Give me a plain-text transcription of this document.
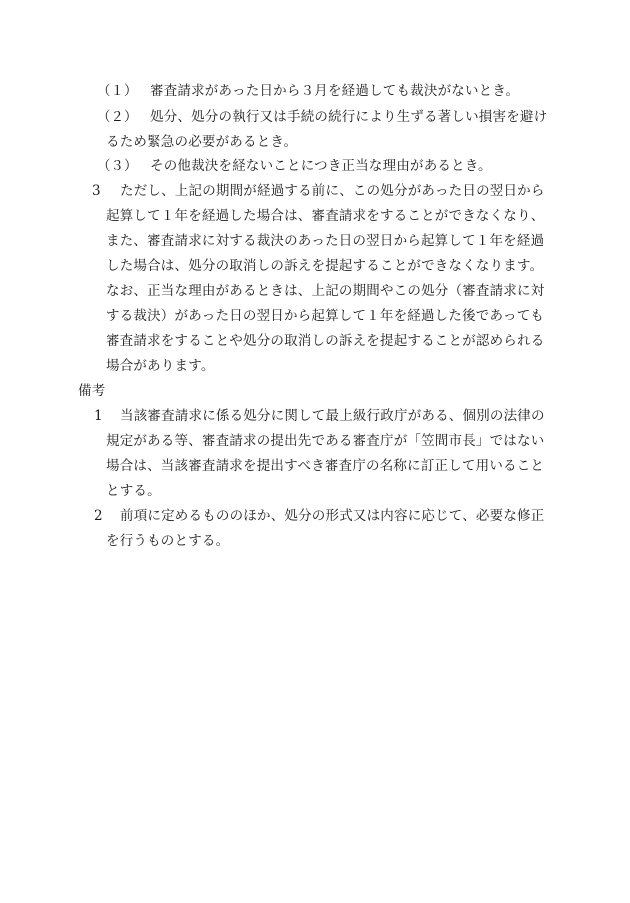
（１） 審査請求があった日から３月を経過しても裁決がないとき。
（２） 処分、処分の執行又は手続の続行により生ずる著しい損害を避け
るため緊急の必要があるとき。
（３） その他裁決を経ないことにつき正当な理由があるとき。
3 ただし、上記の期間が経過する前に、この処分があった日の翌日から
起算して１年を経過した場合は、審査請求をすることができなくなり、
また、審査請求に対する裁決のあった日の翌日から起算して１年を経過
した場合は、処分の取消しの訴えを提起することができなくなります。
なお、正当な理由があるときは、上記の期間やこの処分（審査請求に対
する裁決）があった日の翌日から起算して１年を経過した後であっても
審査請求をすることや処分の取消しの訴えを提起することが認められる
場合があります。
備考
1 当該審査請求に係る処分に関して最上級行政庁がある、個別の法律の
規定がある等、審査請求の提出先である審査庁が「笠間市長」ではない
場合は、当該審査請求を提出すべき審査庁の名称に訂正して用いること
とする。
2 前項に定めるもののほか、処分の形式又は内容に応じて、必要な修正
を行うものとする。
